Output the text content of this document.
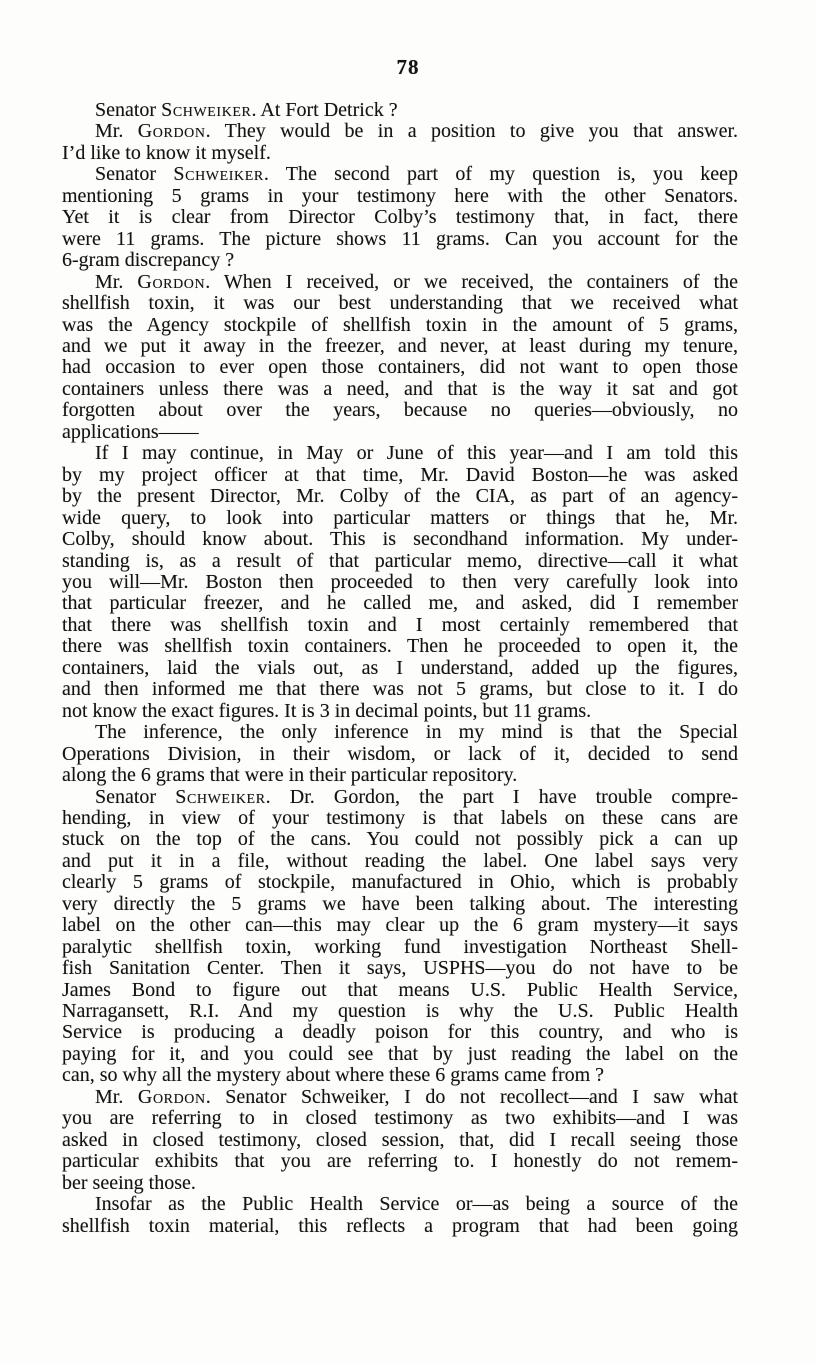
78
Senator Schweiker. At Fort Detrick ?
Mr. Gordon. They would be in a position to give you that answer.
I’d like to know it myself.
Senator Schweiker. The second part of my question is, you keep
mentioning 5 grams in your testimony here with the other Senators.
Yet it is clear from Director Colby’s testimony that, in fact, there
were 11 grams. The picture shows 11 grams. Can you account for the
6-gram discrepancy ?
Mr. Gordon. When I received, or we received, the containers of the
shellfish toxin, it was our best understanding that we received what
was the Agency stockpile of shellfish toxin in the amount of 5 grams,
and we put it away in the freezer, and never, at least during my tenure,
had occasion to ever open those containers, did not want to open those
containers unless there was a need, and that is the way it sat and got
forgotten about over the years, because no queries—obviously, no
applications——
If I may continue, in May or June of this year—and I am told this
by my project officer at that time, Mr. David Boston—he was asked
by the present Director, Mr. Colby of the CIA, as part of an agency-
wide query, to look into particular matters or things that he, Mr.
Colby, should know about. This is secondhand information. My under-
standing is, as a result of that particular memo, directive—call it what
you will—Mr. Boston then proceeded to then very carefully look into
that particular freezer, and he called me, and asked, did I remember
that there was shellfish toxin and I most certainly remembered that
there was shellfish toxin containers. Then he proceeded to open it, the
containers, laid the vials out, as I understand, added up the figures,
and then informed me that there was not 5 grams, but close to it. I do
not know the exact figures. It is 3 in decimal points, but 11 grams.
The inference, the only inference in my mind is that the Special
Operations Division, in their wisdom, or lack of it, decided to send
along the 6 grams that were in their particular repository.
Senator Schweiker. Dr. Gordon, the part I have trouble compre-
hending, in view of your testimony is that labels on these cans are
stuck on the top of the cans. You could not possibly pick a can up
and put it in a file, without reading the label. One label says very
clearly 5 grams of stockpile, manufactured in Ohio, which is probably
very directly the 5 grams we have been talking about. The interesting
label on the other can—this may clear up the 6 gram mystery—it says
paralytic shellfish toxin, working fund investigation Northeast Shell-
fish Sanitation Center. Then it says, USPHS—you do not have to be
James Bond to figure out that means U.S. Public Health Service,
Narragansett, R.I. And my question is why the U.S. Public Health
Service is producing a deadly poison for this country, and who is
paying for it, and you could see that by just reading the label on the
can, so why all the mystery about where these 6 grams came from ?
Mr. Gordon. Senator Schweiker, I do not recollect—and I saw what
you are referring to in closed testimony as two exhibits—and I was
asked in closed testimony, closed session, that, did I recall seeing those
particular exhibits that you are referring to. I honestly do not remem-
ber seeing those.
Insofar as the Public Health Service or—as being a source of the
shellfish toxin material, this reflects a program that had been going
